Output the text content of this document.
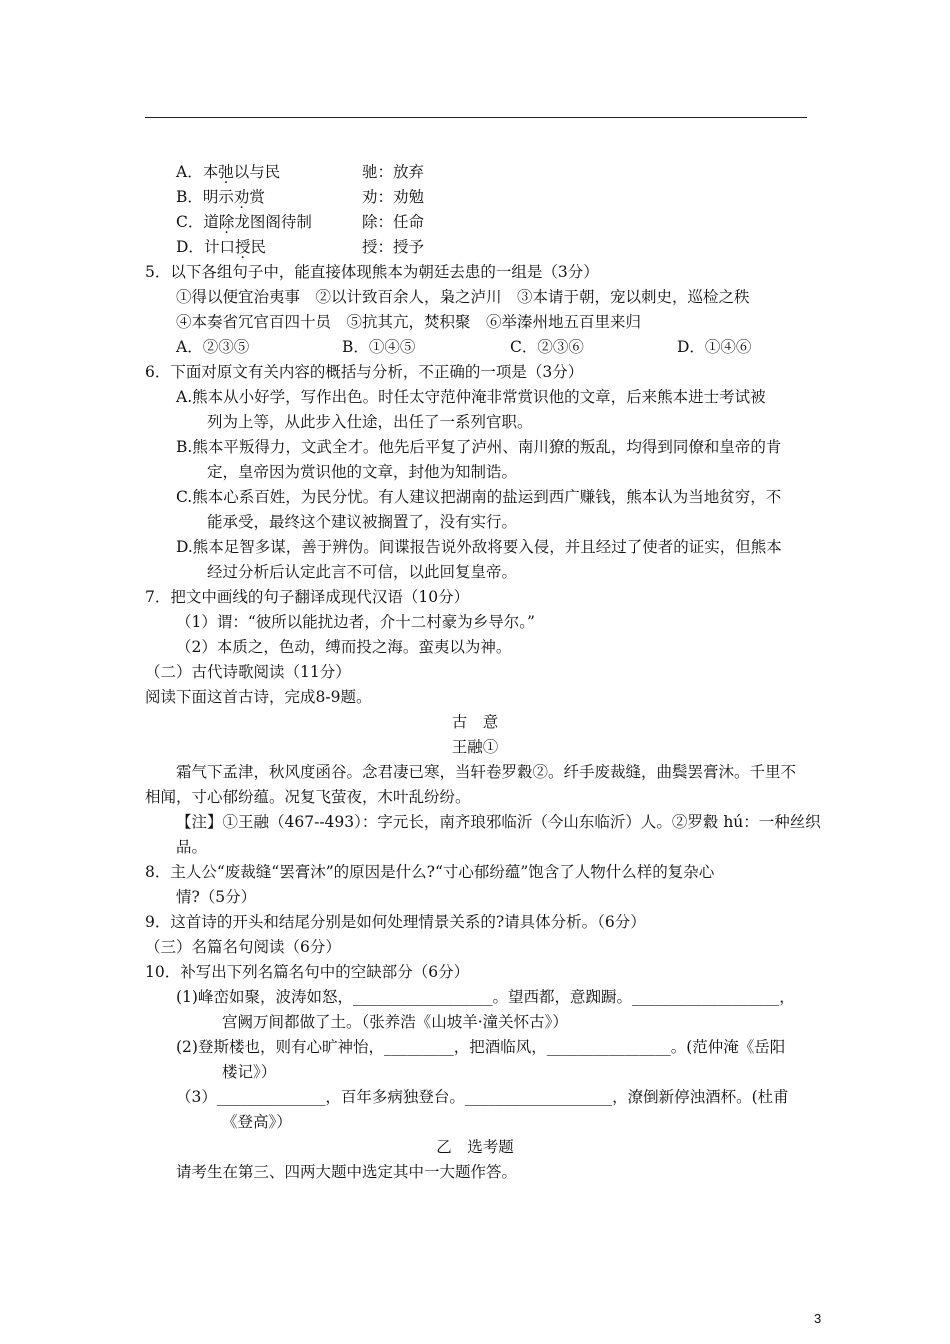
A．本弛以与民	驰：放弃
B．明示劝赏	劝：劝勉
C．道除龙图阁待制	除：任命
D．计口授民	授：授予
5．以下各组句子中，能直接体现熊本为朝廷去患的一组是（3分）
①得以便宜治夷事　②以计致百余人，枭之泸川　③本请于朝，宠以刺史，巡检之秩
④本奏省冗官百四十员　⑤抗其亢，焚积聚　⑥举溱州地五百里来归
A．②③⑤	B．①④⑤	C．②③⑥	D．①④⑥
6．下面对原文有关内容的概括与分析，不正确的一项是（3分）
A.熊本从小好学，写作出色。时任太守范仲淹非常赏识他的文章，后来熊本进士考试被
列为上等，从此步入仕途，出任了一系列官职。
B.熊本平叛得力，文武全才。他先后平复了泸州、南川獠的叛乱，均得到同僚和皇帝的肯
定，皇帝因为赏识他的文章，封他为知制诰。
C.熊本心系百姓，为民分忧。有人建议把湖南的盐运到西广赚钱，熊本认为当地贫穷，不
能承受，最终这个建议被搁置了，没有实行。
D.熊本足智多谋，善于辨伪。间谍报告说外敌将要入侵，并且经过了使者的证实，但熊本
经过分析后认定此言不可信，以此回复皇帝。
7．把文中画线的句子翻译成现代汉语（10分）
（1）谓：“彼所以能扰边者，介十二村豪为乡导尔。”
（2）本质之，色动，缚而投之海。蛮夷以为神。
（二）古代诗歌阅读（11分）
阅读下面这首古诗，完成8-9题。
古　意
王融①
霜气下孟津，秋风度函谷。念君凄已寒，当轩卷罗縠②。纤手废裁缝，曲鬓罢膏沐。千里不
相闻，寸心郁纷蕴。况复飞萤夜，木叶乱纷纷。
【注】①王融（467--493）：字元长，南齐琅邪临沂（今山东临沂）人。②罗縠 hú：一种丝织
品。
8．主人公“废裁缝“罢膏沐”的原因是什么?“寸心郁纷蕴”饱含了人物什么样的复杂心
情?（5分）
9．这首诗的开头和结尾分别是如何处理情景关系的?请具体分析。（6分）
（三）名篇名句阅读（6分）
10．补写出下列名篇名句中的空缺部分（6分）
(1)峰峦如聚，波涛如怒，__________________。望西都，意踟蹰。___________________，
宫阙万间都做了土。（张养浩《山坡羊·潼关怀古》）
(2)登斯楼也，则有心旷神怡，_________，把酒临风，________________。(范仲淹《岳阳
楼记》）
（3）______________，百年多病独登台。___________________，潦倒新停浊酒杯。(杜甫
《登高》）
乙　选考题
请考生在第三、四两大题中选定其中一大题作答。
3
